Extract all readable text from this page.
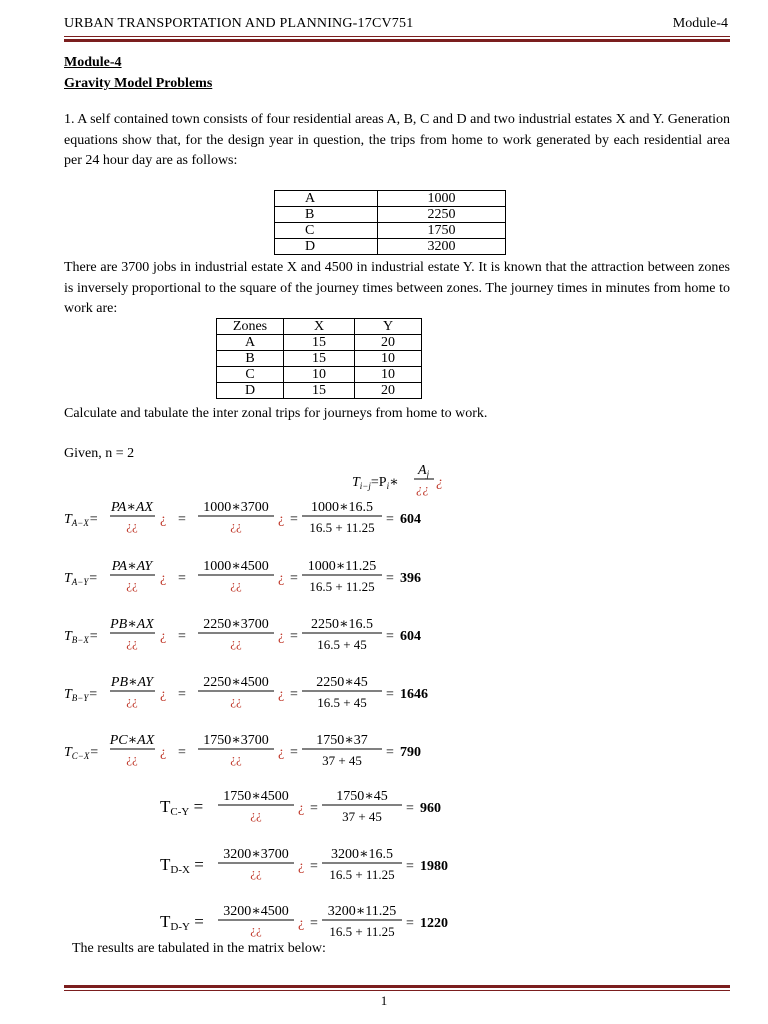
URBAN TRANSPORTATION AND PLANNING-17CV751	Module-4
Module-4
Gravity Model Problems
1. A self contained town consists of four residential areas A, B, C and D and two industrial estates X and Y. Generation equations show that, for the design year in question, the trips from home to work generated by each residential area per 24 hour day are as follows:
A	1000
B	2250
C	1750
D	3200
There are 3700 jobs in industrial estate X and 4500 in industrial estate Y. It is known that the attraction between zones is inversely proportional to the square of the journey times between zones. The journey times in minutes from home to work are:
Zones	X	Y
A	15	20
B	15	10
C	10	10
D	15	20
Calculate and tabulate the inter zonal trips for journeys from home to work.
Given, n = 2
$T_{i-j}=P_i∗$
$A_j$
¿¿ ¿
$T_{A-X}=$
PA∗AX
¿¿ ¿ =
1000∗3700
¿¿	¿ =
1000∗16.5
16.5 + 11.25
= 604
$T_{A-Y}=$
PA∗AY
¿¿ ¿ =
1000∗4500
¿¿	¿ =
1000∗11.25
16.5 + 11.25
= 396
$T_{B-X}=$
PB∗AX
¿¿ ¿ =
2250∗3700
¿¿	¿ =
2250∗16.5
16.5 + 45
= 604
$T_{B-Y}=$
PB∗AY
¿¿ ¿ =
2250∗4500
¿¿	¿ =
2250∗45
16.5 + 45
= 1646
$T_{C-X}=$
PC∗AX
¿¿ ¿ =
1750∗3700
¿¿	¿ =
1750∗37
37 + 45
= 790
TC-Y =
1750∗4500
¿¿	¿ =
1750∗45
37 + 45
= 960
TD-X =
3200∗3700
¿¿	¿ =
3200∗16.5
16.5 + 11.25
= 1980
TD-Y =
3200∗4500
¿¿	¿ =
3200∗11.25
16.5 + 11.25
= 1220
The results are tabulated in the matrix below:
1
